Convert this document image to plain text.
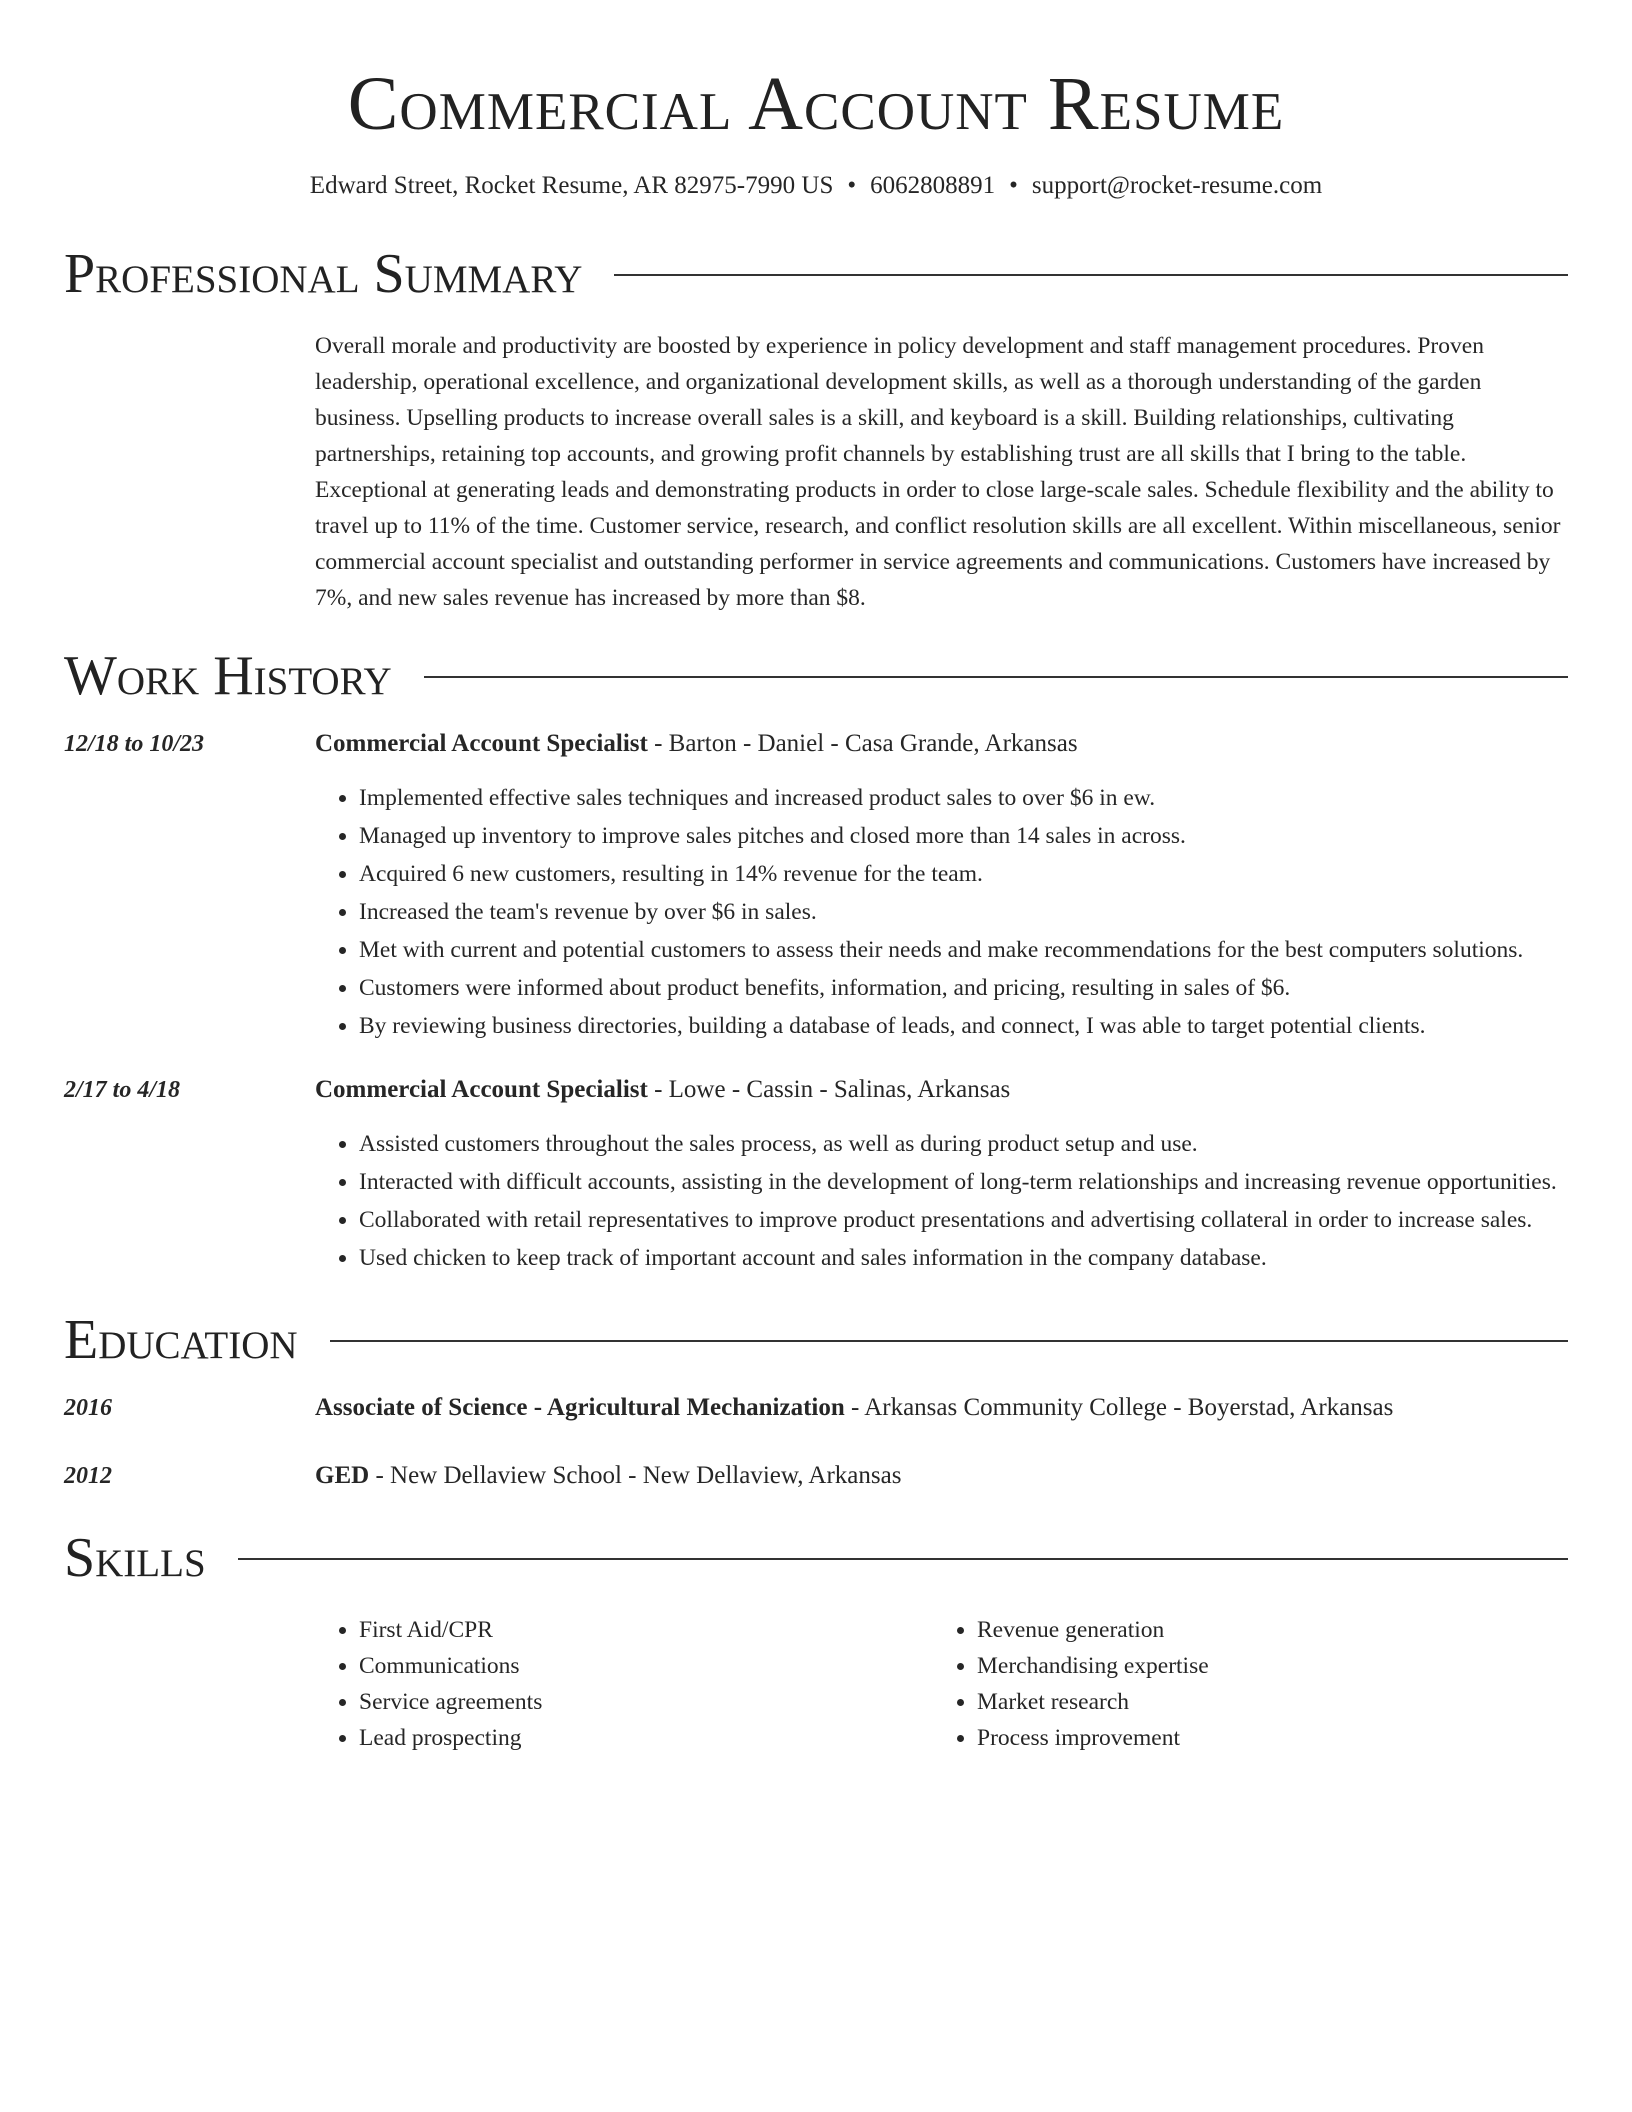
Commercial Account Resume
Edward Street, Rocket Resume, AR 82975-7990 US • 6062808891 • support@rocket-resume.com
Professional Summary
Overall morale and productivity are boosted by experience in policy development and staff management procedures. Proven leadership, operational excellence, and organizational development skills, as well as a thorough understanding of the garden business. Upselling products to increase overall sales is a skill, and keyboard is a skill. Building relationships, cultivating partnerships, retaining top accounts, and growing profit channels by establishing trust are all skills that I bring to the table. Exceptional at generating leads and demonstrating products in order to close large-scale sales. Schedule flexibility and the ability to travel up to 11% of the time. Customer service, research, and conflict resolution skills are all excellent. Within miscellaneous, senior commercial account specialist and outstanding performer in service agreements and communications. Customers have increased by 7%, and new sales revenue has increased by more than $8.
Work History
12/18 to 10/23	Commercial Account Specialist - Barton - Daniel - Casa Grande, Arkansas
• Implemented effective sales techniques and increased product sales to over $6 in ew.
• Managed up inventory to improve sales pitches and closed more than 14 sales in across.
• Acquired 6 new customers, resulting in 14% revenue for the team.
• Increased the team's revenue by over $6 in sales.
• Met with current and potential customers to assess their needs and make recommendations for the best computers solutions.
• Customers were informed about product benefits, information, and pricing, resulting in sales of $6.
• By reviewing business directories, building a database of leads, and connect, I was able to target potential clients.
2/17 to 4/18	Commercial Account Specialist - Lowe - Cassin - Salinas, Arkansas
• Assisted customers throughout the sales process, as well as during product setup and use.
• Interacted with difficult accounts, assisting in the development of long-term relationships and increasing revenue opportunities.
• Collaborated with retail representatives to improve product presentations and advertising collateral in order to increase sales.
• Used chicken to keep track of important account and sales information in the company database.
Education
2016	Associate of Science - Agricultural Mechanization - Arkansas Community College - Boyerstad, Arkansas
2012	GED - New Dellaview School - New Dellaview, Arkansas
Skills
• First Aid/CPR
• Communications
• Service agreements
• Lead prospecting
• Revenue generation
• Merchandising expertise
• Market research
• Process improvement
